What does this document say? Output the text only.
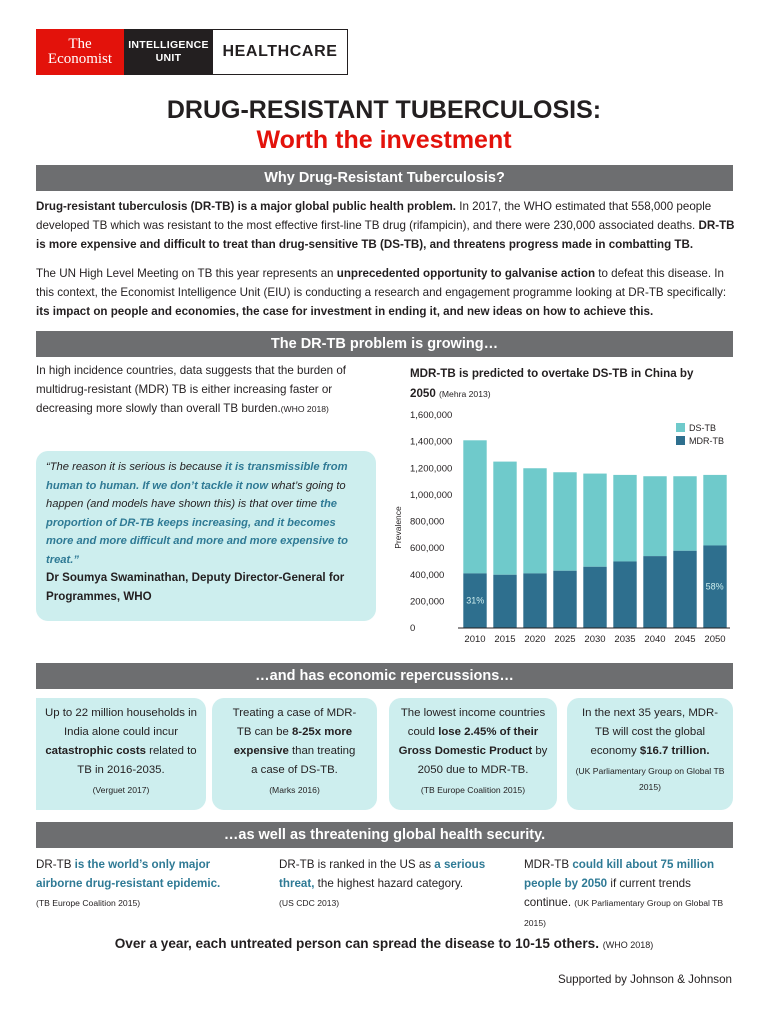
The
Economist
INTELLIGENCE
UNIT	HEALTHCARE
DRUG-RESISTANT TUBERCULOSIS:
Worth the investment
Why Drug-Resistant Tuberculosis?
Drug-resistant tuberculosis (DR-TB) is a major global public health problem. In 2017, the WHO estimated that 558,000 people developed TB which was resistant to the most effective first-line TB drug (rifampicin), and there were 230,000 associated deaths. DR-TB is more expensive and difficult to treat than drug-sensitive TB (DS-TB), and threatens progress made in combatting TB.
The UN High Level Meeting on TB this year represents an unprecedented opportunity to galvanise action to defeat this disease. In this context, the Economist Intelligence Unit (EIU) is conducting a research and engagement programme looking at DR-TB specifically: its impact on people and economies, the case for investment in ending it, and new ideas on how to achieve this.
The DR-TB problem is growing…
In high incidence countries, data suggests that the burden of multidrug-resistant (MDR) TB is either increasing faster or decreasing more slowly than overall TB burden.(WHO 2018)
“The reason it is serious is because it is transmissible from human to human. If we don’t tackle it now what’s going to happen (and models have shown this) is that over time the proportion of DR-TB keeps increasing, and it becomes more and more difficult and more and more expensive to treat.”
Dr Soumya Swaminathan, Deputy Director-General for Programmes, WHO
MDR-TB is predicted to overtake DS-TB in China by 2050 (Mehra 2013)
0
200,000
400,000
600,000
800,000
1,000,000
1,200,000
1,400,000
1,600,000
Prevalence
2010 2015 2020 2025 2030 2035 2040 2045 2050
31%
58%
DS-TB
MDR-TB
…and has economic repercussions…
Up to 22 million households in India alone could incur catastrophic costs related to TB in 2016-2035.
(Verguet 2017)
Treating a case of MDR-TB can be 8-25x more expensive than treating a case of DS-TB.
(Marks 2016)
The lowest income countries could lose 2.45% of their Gross Domestic Product by 2050 due to MDR-TB.
(TB Europe Coalition 2015)
In the next 35 years, MDR-TB will cost the global economy $16.7 trillion.
(UK Parliamentary Group on Global TB 2015)
…as well as threatening global health security.
DR-TB is the world’s only major airborne drug-resistant epidemic.
(TB Europe Coalition 2015)
DR-TB is ranked in the US as a serious threat, the highest hazard category.
(US CDC 2013)
MDR-TB could kill about 75 million people by 2050 if current trends continue. (UK Parliamentary Group on Global TB 2015)
Over a year, each untreated person can spread the disease to 10-15 others. (WHO 2018)
Supported by Johnson & Johnson
